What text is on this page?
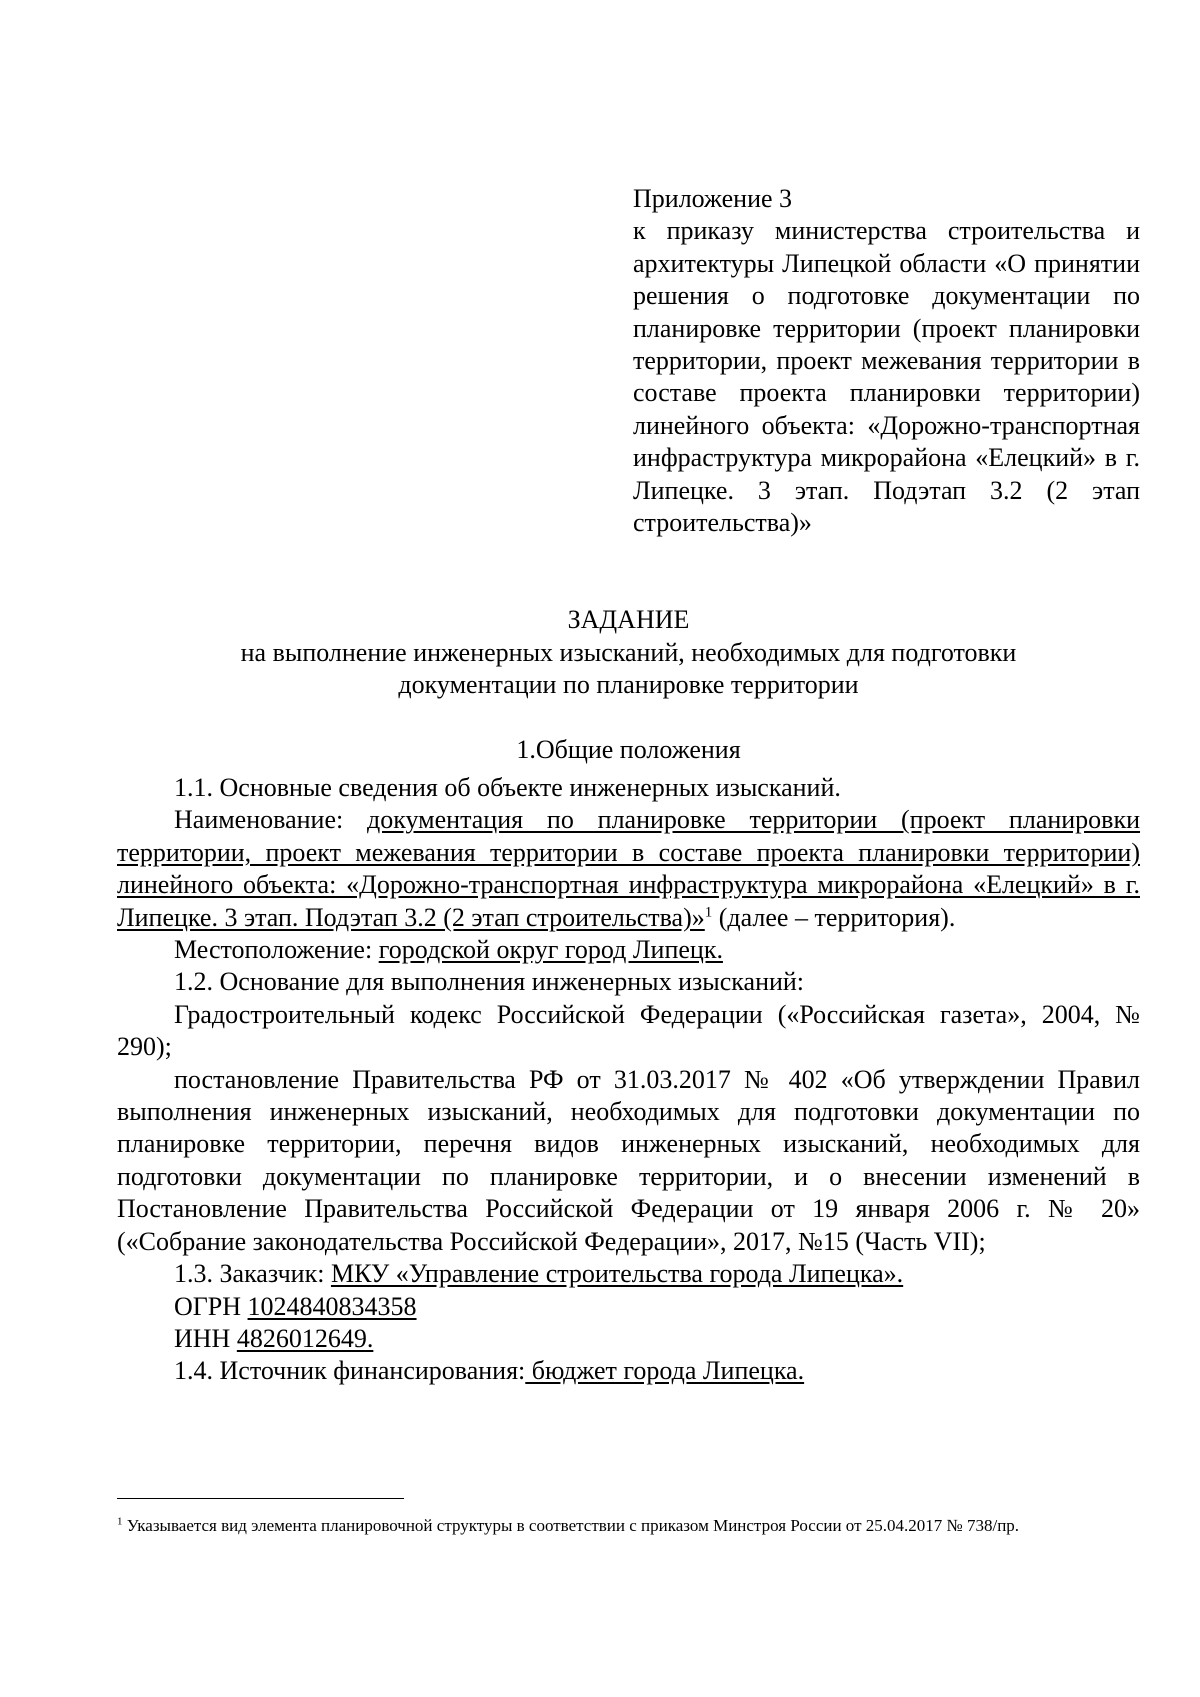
Приложение 3
к приказу министерства строительства и архитектуры Липецкой области «О принятии решения о подготовке документации по планировке территории (проект планировки территории, проект межевания территории в составе проекта планировки территории) линейного объекта: «Дорожно-транспортная инфраструктура микрорайона «Елецкий» в г. Липецке. 3 этап. Подэтап 3.2 (2 этап строительства)»
ЗАДАНИЕ
на выполнение инженерных изысканий, необходимых для подготовки
документации по планировке территории
1.Общие положения

1.1. Основные сведения об объекте инженерных изысканий.

Наименование: документация по планировке территории (проект планировки территории, проект межевания территории в составе проекта планировки территории) линейного объекта: «Дорожно-транспортная инфраструктура микрорайона «Елецкий» в г. Липецке. 3 этап. Подэтап 3.2 (2 этап строительства)»$^1$ (далее – территория).

Местоположение: городской округ город Липецк.

1.2. Основание для выполнения инженерных изысканий:

Градостроительный кодекс Российской Федерации («Российская газета», 2004, № 290);

постановление Правительства РФ от 31.03.2017 № 402 «Об утверждении Правил выполнения инженерных изысканий, необходимых для подготовки документации по планировке территории, перечня видов инженерных изысканий, необходимых для подготовки документации по планировке территории, и о внесении изменений в Постановление Правительства Российской Федерации от 19 января 2006 г. № 20» («Собрание законодательства Российской Федерации», 2017, №15 (Часть VII);

1.3. Заказчик: МКУ «Управление строительства города Липецка».

ОГРН 1024840834358

ИНН 4826012649.

1.4. Источник финансирования: бюджет города Липецка.

$^1$ Указывается вид элемента планировочной структуры в соответствии с приказом Минстроя России от 25.04.2017 № 738/пр.
